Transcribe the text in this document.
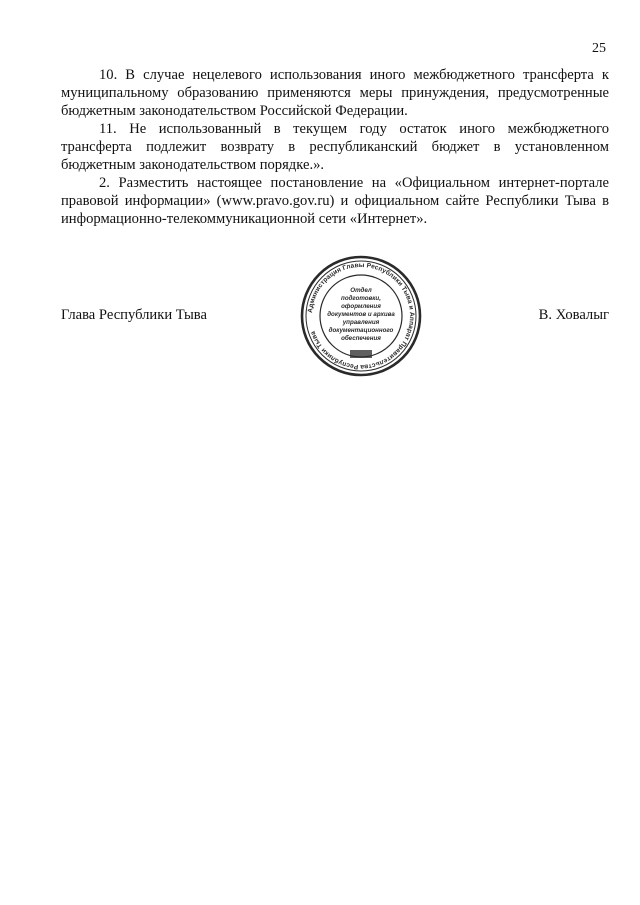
25

10. В случае нецелевого использования иного межбюджетного трансферта к муниципальному образованию применяются меры принуждения, предусмотренные бюджетным законодательством Российской Федерации.

11. Не использованный в текущем году остаток иного межбюджетного трансферта подлежит возврату в республиканский бюджет в установленном бюджетным законодательством порядке.».

2. Разместить настоящее постановление на «Официальном интернет-портале правовой информации» (www.pravo.gov.ru) и официальном сайте Республики Тыва в информационно-телекоммуникационной сети «Интернет».

Глава Республики Тыва	В. Ховалыг
Администрация Главы Республики Тыва и Аппарат Правительства Республики Тыва
Отдел
подготовки,
оформления
документов и архива
управления
документационного
обеспечения
